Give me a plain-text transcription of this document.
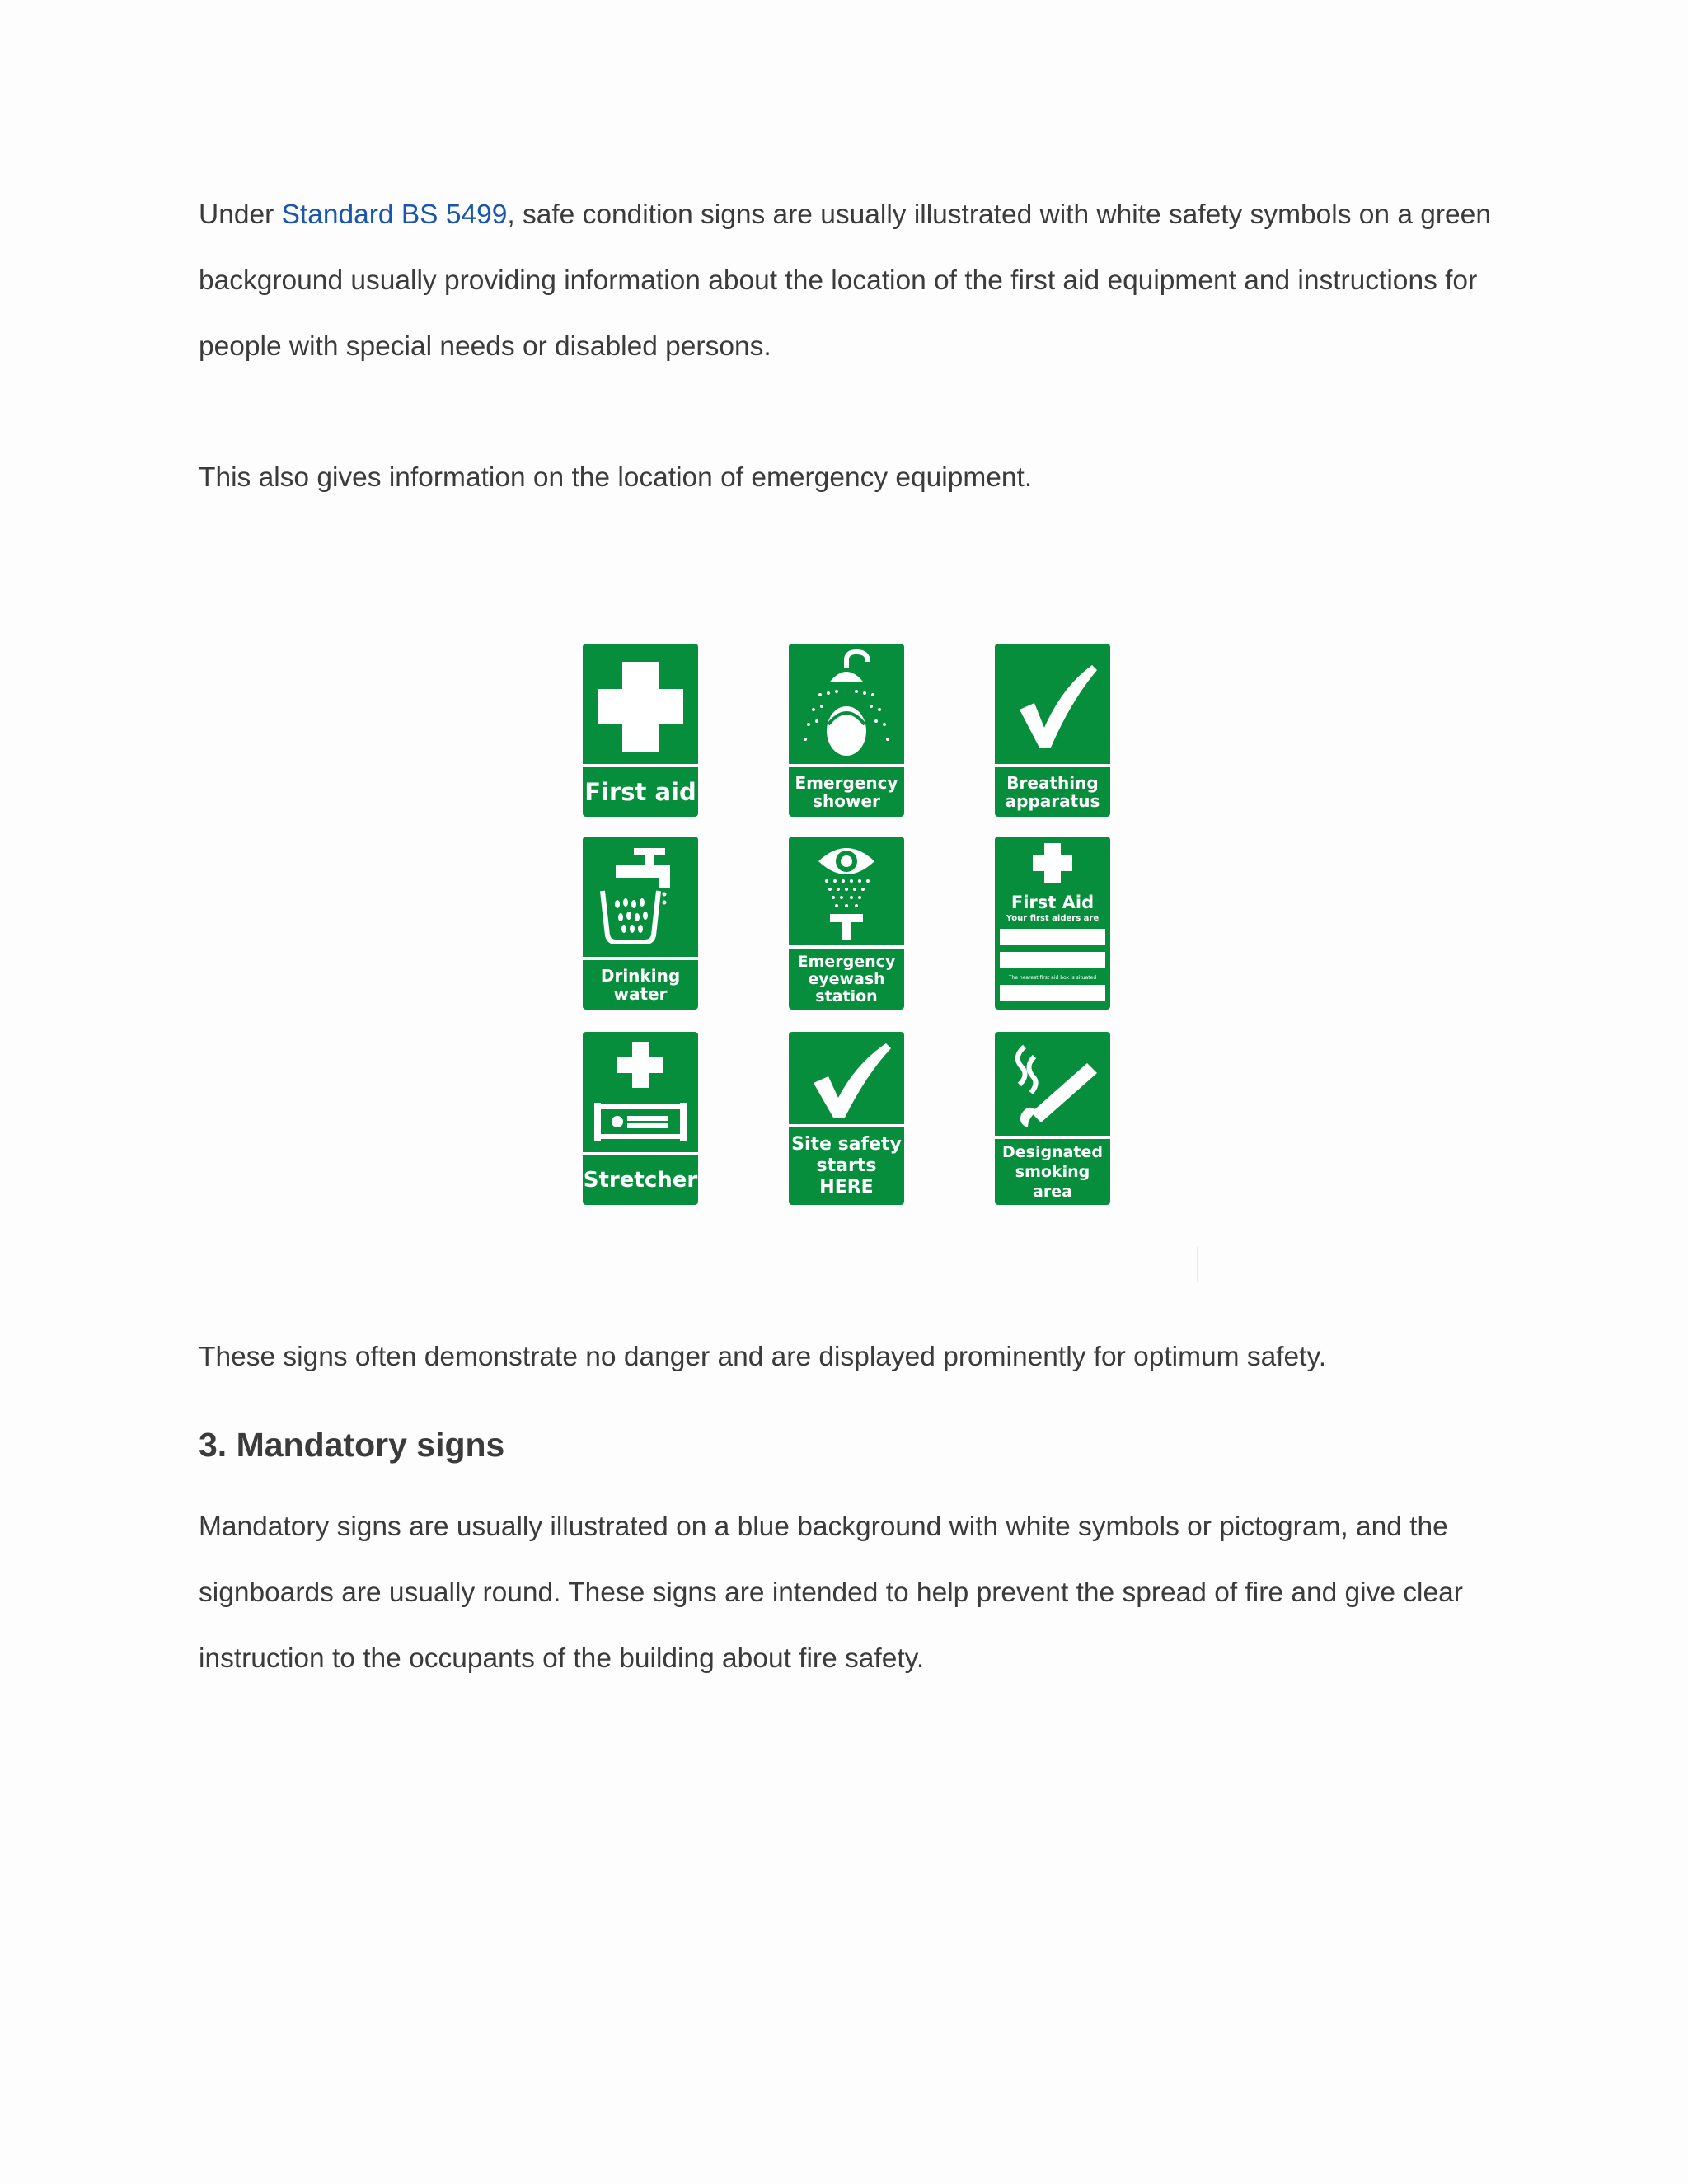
Under Standard BS 5499, safe condition signs are usually illustrated with white safety symbols on a green background usually providing information about the location of the first aid equipment and instructions for people with special needs or disabled persons.

This also gives information on the location of emergency equipment.

First aid	Emergency shower
Breathing apparatus
Drinking water
Emergency eyewash station
First Aid
Your first aiders are
The nearest first aid box is situated
Stretcher
Site safety starts HERE
Designated smoking area

These signs often demonstrate no danger and are displayed prominently for optimum safety.

3. Mandatory signs

Mandatory signs are usually illustrated on a blue background with white symbols or pictogram, and the signboards are usually round. These signs are intended to help prevent the spread of fire and give clear instruction to the occupants of the building about fire safety.
